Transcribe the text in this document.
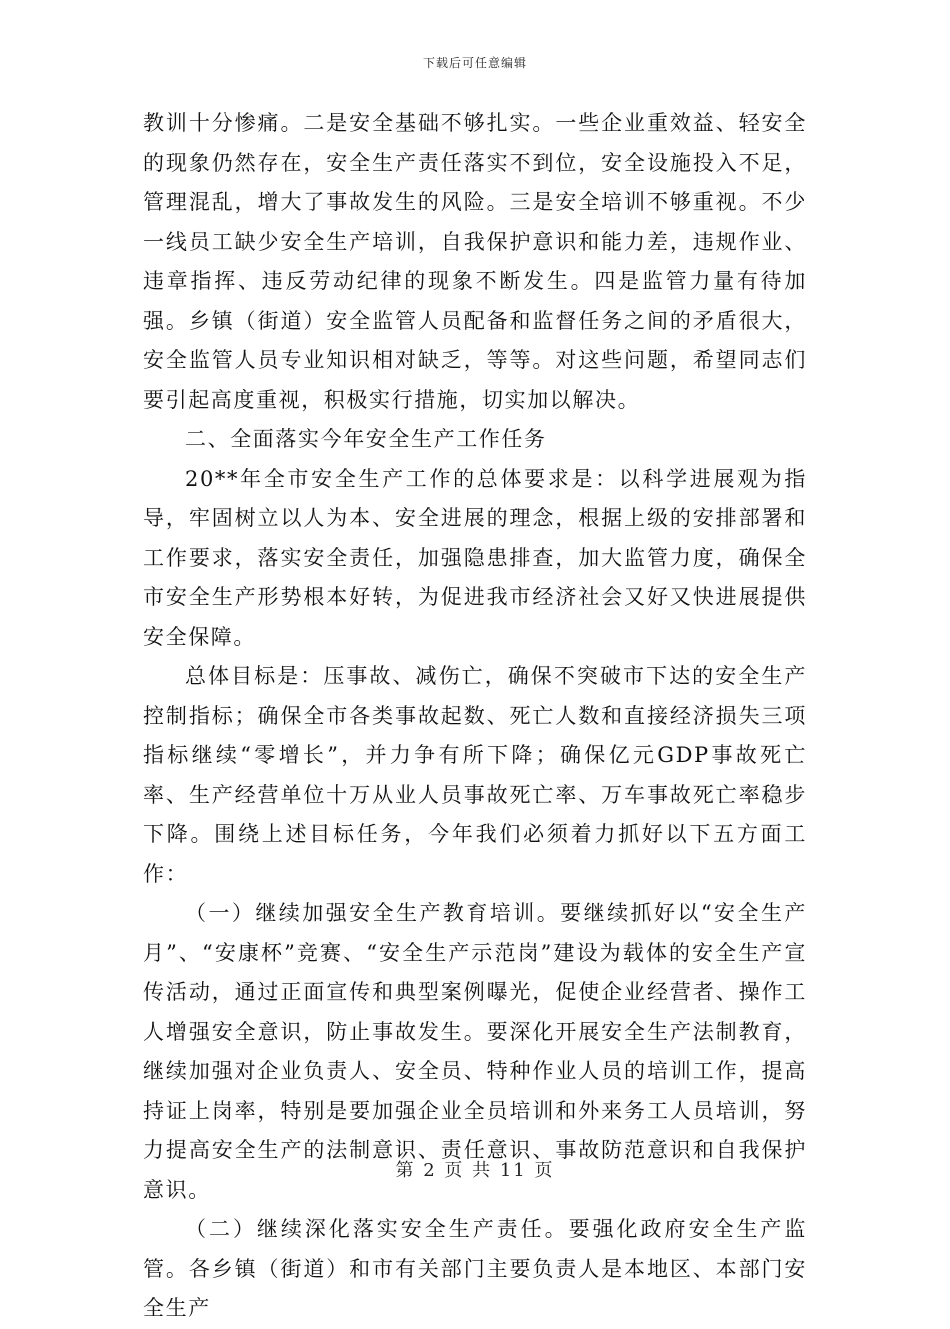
下载后可任意编辑

教训十分惨痛。二是安全基础不够扎实。一些企业重效益、轻安全的现象仍然存在，安全生产责任落实不到位，安全设施投入不足，管理混乱，增大了事故发生的风险。三是安全培训不够重视。不少一线员工缺少安全生产培训，自我保护意识和能力差，违规作业、违章指挥、违反劳动纪律的现象不断发生。四是监管力量有待加强。乡镇（街道）安全监管人员配备和监督任务之间的矛盾很大，安全监管人员专业知识相对缺乏，等等。对这些问题，希望同志们要引起高度重视，积极实行措施，切实加以解决。

二、全面落实今年安全生产工作任务

20**年全市安全生产工作的总体要求是：以科学进展观为指导，牢固树立以人为本、安全进展的理念，根据上级的安排部署和工作要求，落实安全责任，加强隐患排查，加大监管力度，确保全市安全生产形势根本好转，为促进我市经济社会又好又快进展提供安全保障。

总体目标是：压事故、减伤亡，确保不突破市下达的安全生产控制指标；确保全市各类事故起数、死亡人数和直接经济损失三项指标继续“零增长”，并力争有所下降；确保亿元GDP事故死亡率、生产经营单位十万从业人员事故死亡率、万车事故死亡率稳步下降。围绕上述目标任务，今年我们必须着力抓好以下五方面工作：

（一）继续加强安全生产教育培训。要继续抓好以“安全生产月”、“安康杯”竞赛、“安全生产示范岗”建设为载体的安全生产宣传活动，通过正面宣传和典型案例曝光，促使企业经营者、操作工人增强安全意识，防止事故发生。要深化开展安全生产法制教育，继续加强对企业负责人、安全员、特种作业人员的培训工作，提高持证上岗率，特别是要加强企业全员培训和外来务工人员培训，努力提高安全生产的法制意识、责任意识、事故防范意识和自我保护意识。

（二）继续深化落实安全生产责任。要强化政府安全生产监管。各乡镇（街道）和市有关部门主要负责人是本地区、本部门安全生产

第 2 页 共 11 页
